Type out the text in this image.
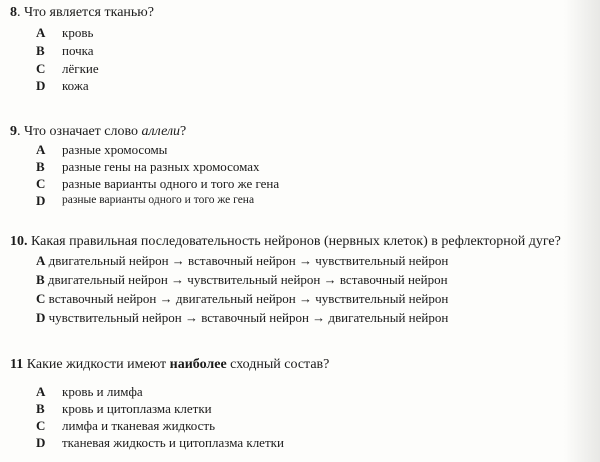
8. Что является тканью?
A кровь
B почка
C лёгкие
D кожа
9. Что означает слово аллели?
A разные хромосомы
B разные гены на разных хромосомах
C разные варианты одного и того же гена
D разные варианты одного и того же гена
10. Какая правильная последовательность нейронов (нервных клеток) в рефлекторной дуге?
A двигательный нейрон → вставочный нейрон → чувствительный нейрон
B двигательный нейрон → чувствительный нейрон → вставочный нейрон
C вставочный нейрон → двигательный нейрон → чувствительный нейрон
D чувствительный нейрон → вставочный нейрон → двигательный нейрон
11 Какие жидкости имеют наиболее сходный состав?
A кровь и лимфа
B кровь и цитоплазма клетки
C лимфа и тканевая жидкость
D тканевая жидкость и цитоплазма клетки
